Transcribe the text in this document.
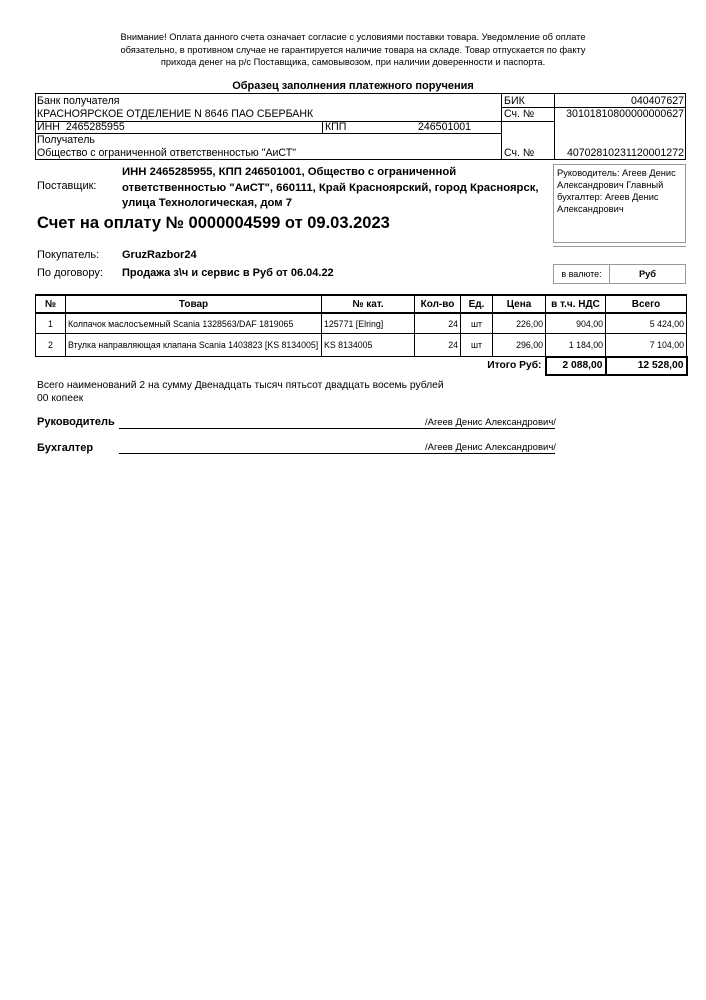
Внимание! Оплата данного счета означает согласие с условиями поставки товара. Уведомление об оплате обязательно, в противном случае не гарантируется наличие товара на складе. Товар отпускается по факту прихода денег на р/с Поставщика, самовывозом, при наличии доверенности и паспорта.
Образец заполнения платежного поручения
Банк получателя
КРАСНОЯРСКОЕ ОТДЕЛЕНИЕ N 8646 ПАО СБЕРБАНК
БИК	040407627
Сч. №	30101810800000000627
ИНН 2465285955	КПП	246501001
Получатель
Общество с ограниченной ответственностью "АиСТ"	Сч. №	40702810231120001272
Поставщик:
ИНН 2465285955, КПП 246501001, Общество с ограниченной ответственностью "АиСТ", 660111, Край Красноярский, город Красноярск, улица Технологическая, дом 7
Руководитель: Агеев Денис Александрович Главный бухгалтер: Агеев Денис Александрович
Счет на оплату № 0000004599 от 09.03.2023
Покупатель: GruzRazbor24
По договору: Продажа з\ч и сервис в Руб от 06.04.22	в валюте:	Руб
№	Товар	№ кат.	Кол-во	Ед.	Цена	в т.ч. НДС	Всего
1	Колпачок маслосъемный Scania 1328563/DAF 1819065	125771 [Elring]	24	шт	226,00	904,00	5 424,00
2	Втулка направляющая клапана Scania 1403823 [KS 8134005]	KS 8134005	24	шт	296,00	1 184,00	7 104,00
				Итого Руб:		2 088,00	12 528,00
Всего наименований 2 на сумму Двенадцать тысяч пятьсот двадцать восемь рублей 00 копеек
Руководитель	/Агеев Денис Александрович/
Бухгалтер	/Агеев Денис Александрович/
